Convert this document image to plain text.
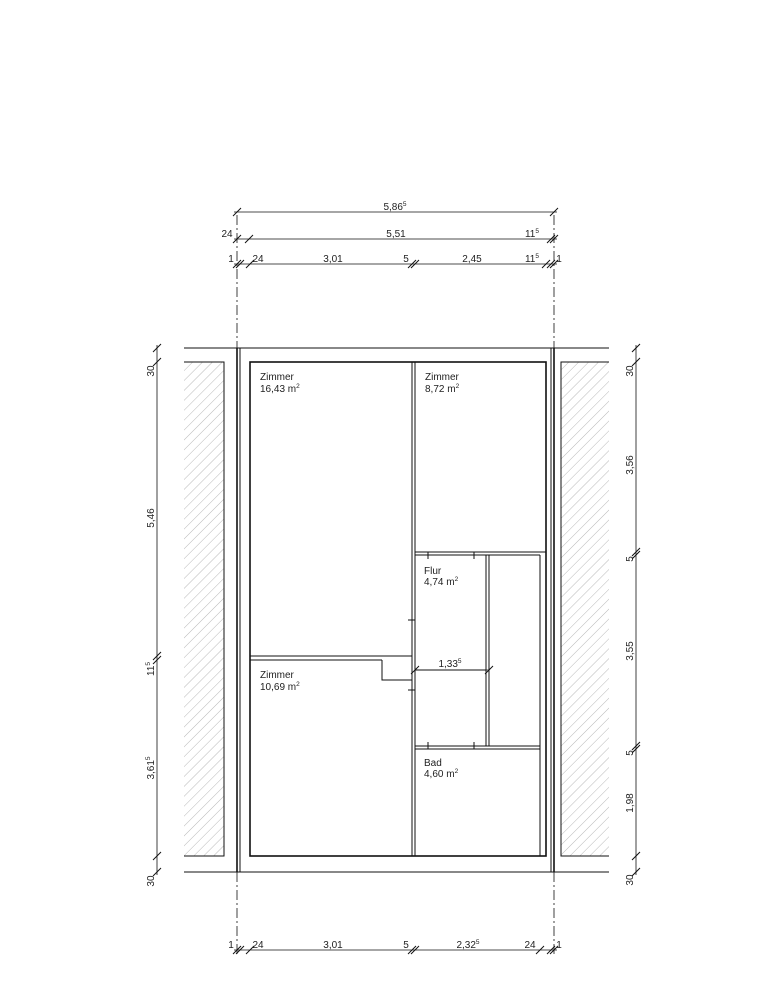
Zimmer
16,43 $m^2$
Zimmer
8,72 $m^2$
Flur
4,74 $m^2$
Zimmer
10,69 $m^2$
Bad
4,60 $m^2$
5,86$^5$
24	5,51	$11^5$
1 24	3,01	5	2,45	$11^5$ 1
30
5,46
$11^5$
3,61$^5$
30
30
3,56
5
3,55
5
1,98
30
1,33$^5$
1 24	3,01	5	2,32$^5$	24 1
